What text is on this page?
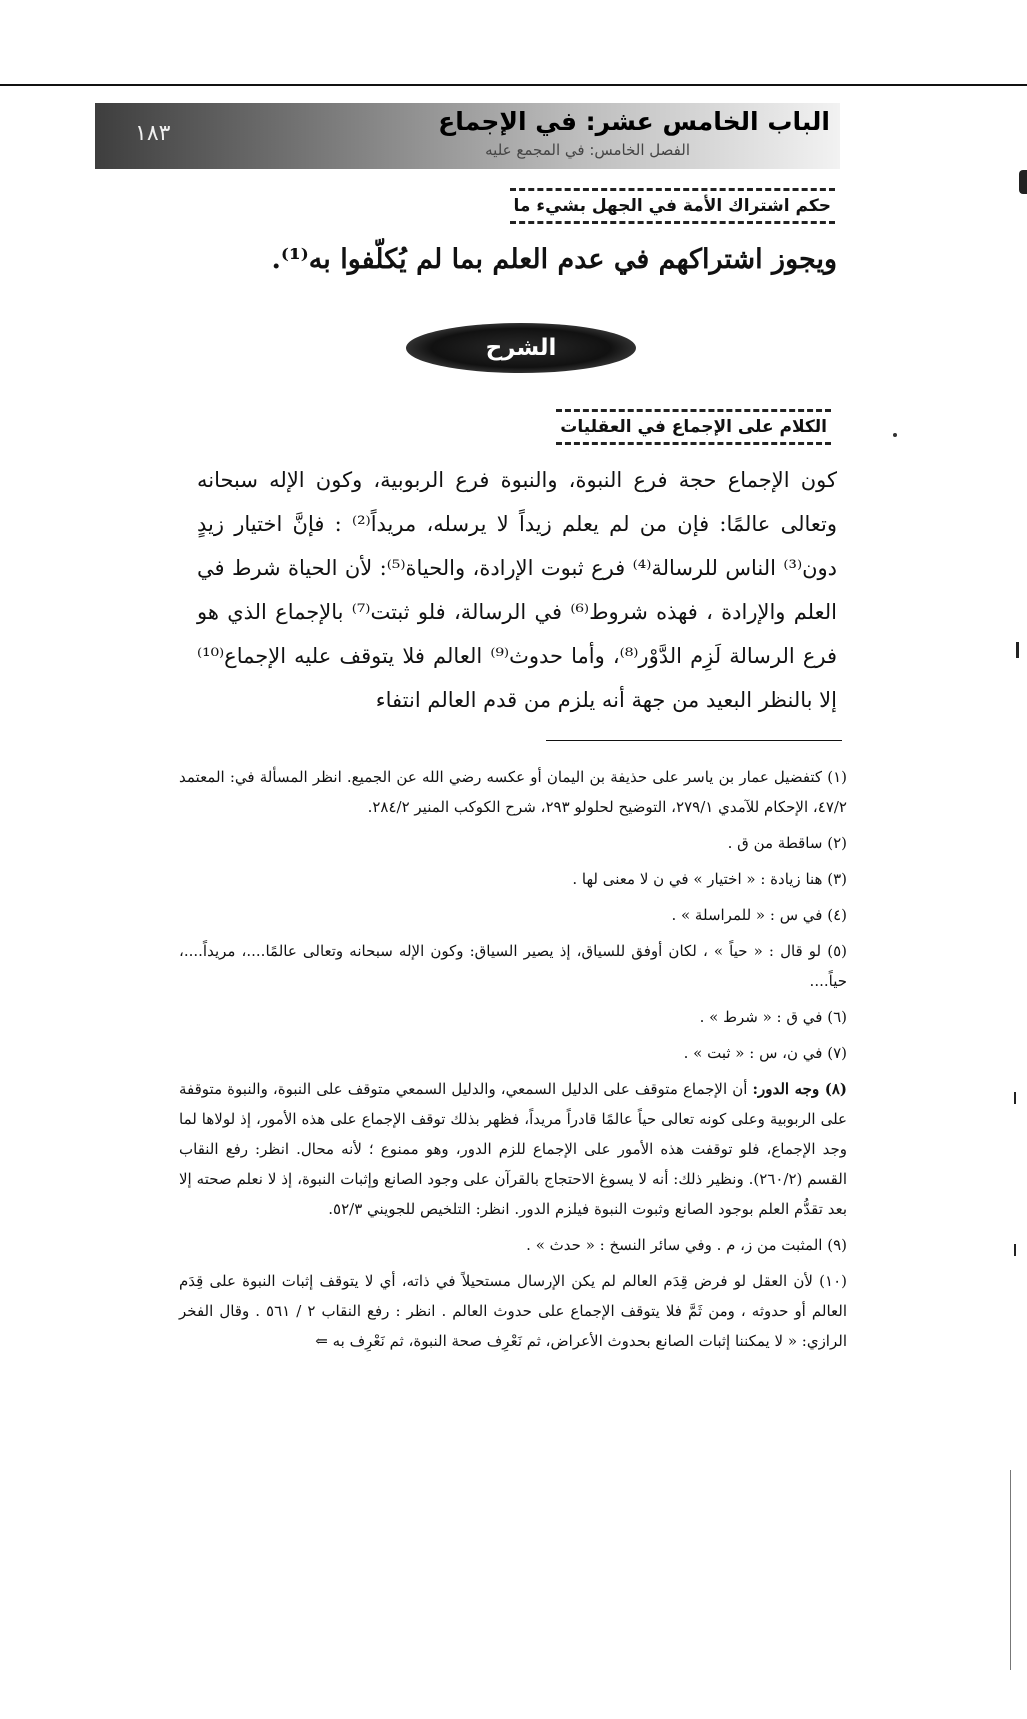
الباب الخامس عشر: في الإجماع
الفصل الخامس: في المجمع عليه
١٨٣
حكم اشتراك الأمة في الجهل بشيء ما
ويجوز اشتراكهم في عدم العلم بما لم يُكلّفوا به⁽¹⁾.
الشرح
الكلام على الإجماع في العقليات
كون الإجماع حجة فرع النبوة، والنبوة فرع الربوبية، وكون الإله سبحانه وتعالى عالمًا: فإن من لم يعلم زيداً لا يرسله، مريداً⁽²⁾ : فإنَّ اختيار زيدٍ دون⁽³⁾ الناس للرسالة⁽⁴⁾ فرع ثبوت الإرادة، والحياة⁽⁵⁾: لأن الحياة شرط في العلم والإرادة ، فهذه شروط⁽⁶⁾ في الرسالة، فلو ثبتت⁽⁷⁾ بالإجماع الذي هو فرع الرسالة لَزِم الدَّوْر⁽⁸⁾، وأما حدوث⁽⁹⁾ العالم فلا يتوقف عليه الإجماع⁽¹⁰⁾ إلا بالنظر البعيد من جهة أنه يلزم من قدم العالم انتفاء

(١) كتفضيل عمار بن ياسر على حذيفة بن اليمان أو عكسه رضي الله عن الجميع. انظر المسألة في: المعتمد ٤٧/٢، الإحكام للآمدي ٢٧٩/١، التوضيح لحلولو ٢٩٣، شرح الكوكب المنير ٢٨٤/٢.

(٢) ساقطة من ق .

(٣) هنا زيادة : « اختيار » في ن لا معنى لها .

(٤) في س : « للمراسلة » .

(٥) لو قال : « حياً » ، لكان أوفق للسياق، إذ يصير السياق: وكون الإله سبحانه وتعالى عالمًا....، مريداً....، حياً....

(٦) في ق : « شرط » .

(٧) في ن، س : « ثبت » .

(٨) وجه الدور: أن الإجماع متوقف على الدليل السمعي، والدليل السمعي متوقف على النبوة، والنبوة متوقفة على الربوبية وعلى كونه تعالى حياً عالمًا قادراً مريداً، فظهر بذلك توقف الإجماع على هذه الأمور، إذ لولاها لما وجد الإجماع، فلو توقفت هذه الأمور على الإجماع للزم الدور، وهو ممنوع ؛ لأنه محال. انظر: رفع النقاب القسم (٢٦٠/٢). ونظير ذلك: أنه لا يسوغ الاحتجاج بالقرآن على وجود الصانع وإثبات النبوة، إذ لا نعلم صحته إلا بعد تقدُّم العلم بوجود الصانع وثبوت النبوة فيلزم الدور. انظر: التلخيص للجويني ٥٢/٣.

(٩) المثبت من ز، م . وفي سائر النسخ : « حدث » .

(١٠) لأن العقل لو فرض قِدَم العالم لم يكن الإرسال مستحيلاً في ذاته، أي لا يتوقف إثبات النبوة على قِدَم العالم أو حدوثه ، ومن ثَمَّ فلا يتوقف الإجماع على حدوث العالم . انظر : رفع النقاب ٢ / ٥٦١ . وقال الفخر الرازي: « لا يمكننا إثبات الصانع بحدوث الأعراض، ثم نَعْرِف صحة النبوة، ثم نَعْرِف به ⇐
